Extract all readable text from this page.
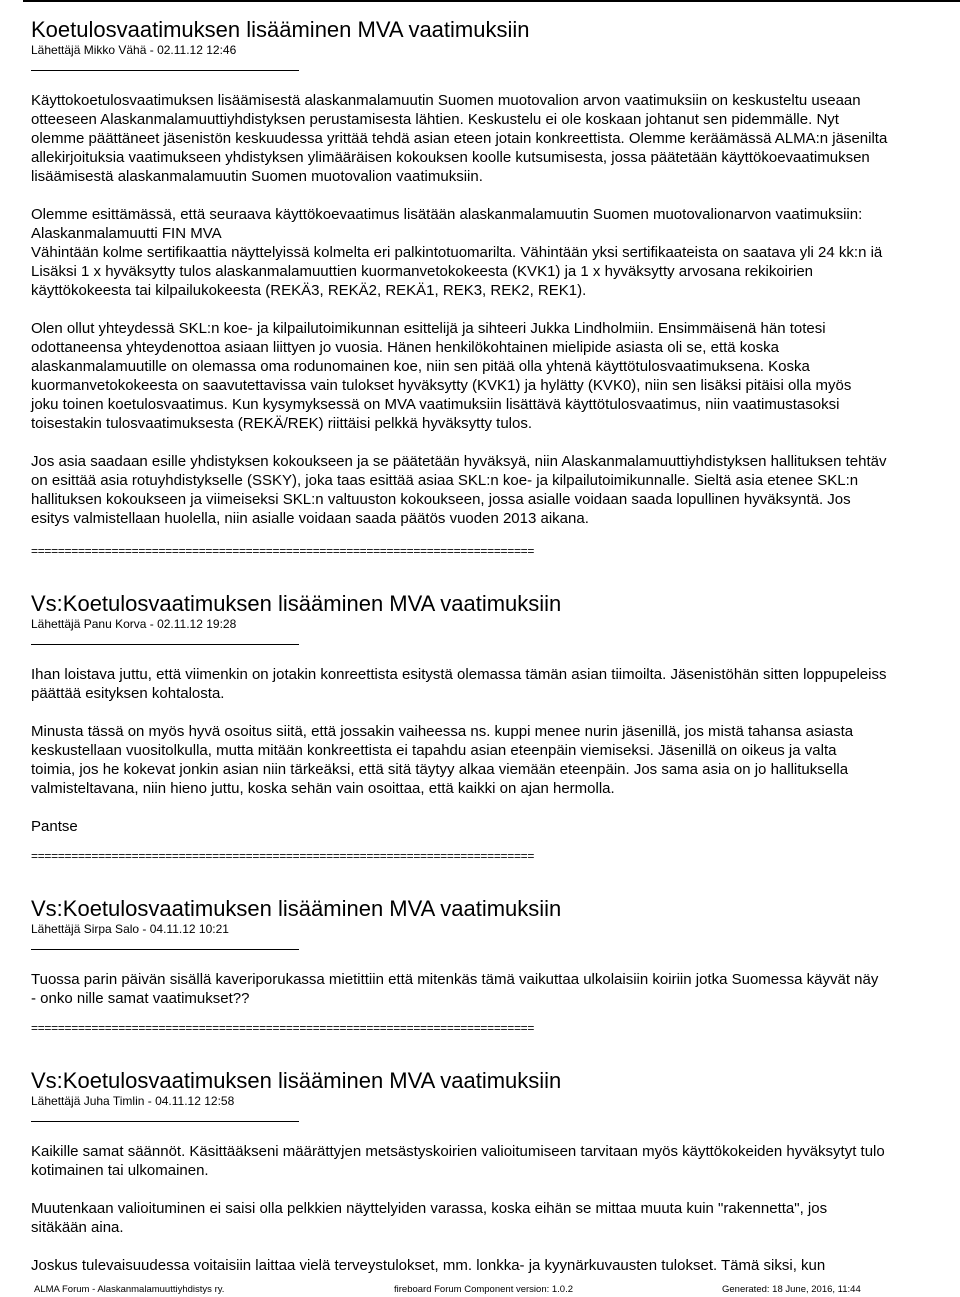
Koetulosvaatimuksen lisääminen MVA vaatimuksiin
Lähettäjä Mikko Vähä - 02.11.12 12:46

Käyttokoetulosvaatimuksen lisäämisestä alaskanmalamuutin Suomen muotovalion arvon vaatimuksiin on keskusteltu useaan

otteeseen Alaskanmalamuuttiyhdistyksen perustamisesta lähtien. Keskustelu ei ole koskaan johtanut sen pidemmälle. Nyt

olemme päättäneet jäsenistön keskuudessa yrittää tehdä asian eteen jotain konkreettista. Olemme keräämässä ALMA:n jäsenilta

allekirjoituksia vaatimukseen yhdistyksen ylimääräisen kokouksen koolle kutsumisesta, jossa päätetään käyttökoevaatimuksen

lisäämisestä alaskanmalamuutin Suomen muotovalion vaatimuksiin.

Olemme esittämässä, että seuraava käyttökoevaatimus lisätään alaskanmalamuutin Suomen muotovalionarvon vaatimuksiin:

Alaskanmalamuutti FIN MVA

Vähintään kolme sertifikaattia näyttelyissä kolmelta eri palkintotuomarilta. Vähintään yksi sertifikaateista on saatava yli 24 kk:n iä

Lisäksi 1 x hyväksytty tulos alaskanmalamuuttien kuormanvetokokeesta (KVK1) ja 1 x hyväksytty arvosana rekikoirien

käyttökokeesta tai kilpailukokeesta (REKÄ3, REKÄ2, REKÄ1, REK3, REK2, REK1).

Olen ollut yhteydessä SKL:n koe- ja kilpailutoimikunnan esittelijä ja sihteeri Jukka Lindholmiin. Ensimmäisenä hän totesi

odottaneensa yhteydenottoa asiaan liittyen jo vuosia. Hänen henkilökohtainen mielipide asiasta oli se, että koska

alaskanmalamuutille on olemassa oma rodunomainen koe, niin sen pitää olla yhtenä käyttötulosvaatimuksena. Koska

kuormanvetokokeesta on saavutettavissa vain tulokset hyväksytty (KVK1) ja hylätty (KVK0), niin sen lisäksi pitäisi olla myös

joku toinen koetulosvaatimus. Kun kysymyksessä on MVA vaatimuksiin lisättävä käyttötulosvaatimus, niin vaatimustasoksi

toisestakin tulosvaatimuksesta (REKÄ/REK) riittäisi pelkkä hyväksytty tulos.

Jos asia saadaan esille yhdistyksen kokoukseen ja se päätetään hyväksyä, niin Alaskanmalamuuttiyhdistyksen hallituksen tehtäv

on esittää asia rotuyhdistykselle (SSKY), joka taas esittää asiaa SKL:n koe- ja kilpailutoimikunnalle. Sieltä asia etenee SKL:n

hallituksen kokoukseen ja viimeiseksi SKL:n valtuuston kokoukseen, jossa asialle voidaan saada lopullinen hyväksyntä. Jos

esitys valmistellaan huolella, niin asialle voidaan saada päätös vuoden 2013 aikana.

===========================================================================
Vs:Koetulosvaatimuksen lisääminen MVA vaatimuksiin
Lähettäjä Panu Korva - 02.11.12 19:28

Ihan loistava juttu, että viimenkin on jotakin konreettista esitystä olemassa tämän asian tiimoilta. Jäsenistöhän sitten loppupeleiss

päättää esityksen kohtalosta.

Minusta tässä on myös hyvä osoitus siitä, että jossakin vaiheessa ns. kuppi menee nurin jäsenillä, jos mistä tahansa asiasta

keskustellaan vuositolkulla, mutta mitään konkreettista ei tapahdu asian eteenpäin viemiseksi. Jäsenillä on oikeus ja valta

toimia, jos he kokevat jonkin asian niin tärkeäksi, että sitä täytyy alkaa viemään eteenpäin. Jos sama asia on jo hallituksella

valmisteltavana, niin hieno juttu, koska sehän vain osoittaa, että kaikki on ajan hermolla.

Pantse

===========================================================================
Vs:Koetulosvaatimuksen lisääminen MVA vaatimuksiin
Lähettäjä Sirpa Salo - 04.11.12 10:21

Tuossa parin päivän sisällä kaveriporukassa mietittiin että mitenkäs tämä vaikuttaa ulkolaisiin koiriin jotka Suomessa käyvät näy

- onko nille samat vaatimukset??

===========================================================================
Vs:Koetulosvaatimuksen lisääminen MVA vaatimuksiin
Lähettäjä Juha Timlin - 04.11.12 12:58

Kaikille samat säännöt. Käsittääkseni määrättyjen metsästyskoirien valioitumiseen tarvitaan myös käyttökokeiden hyväksytyt tulo

kotimainen tai ulkomainen.

Muutenkaan valioituminen ei saisi olla pelkkien näyttelyiden varassa, koska eihän se mittaa muuta kuin "rakennetta", jos

sitäkään aina.

Joskus tulevaisuudessa voitaisiin laittaa vielä terveystulokset, mm. lonkka- ja kyynärkuvausten tulokset. Tämä siksi, kun

ALMA Forum - Alaskanmalamuuttiyhdistys ry.	fireboard Forum Component version: 1.0.2	Generated: 18 June, 2016, 11:44
